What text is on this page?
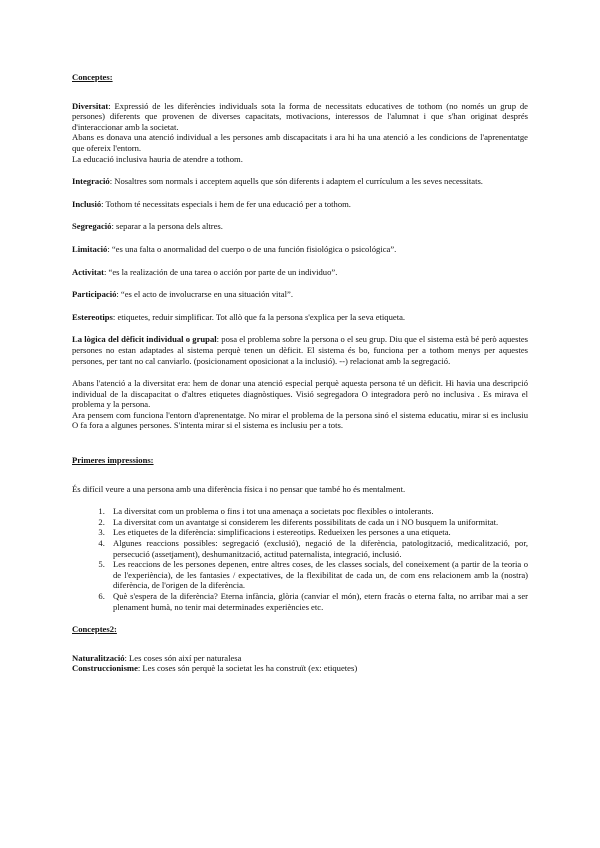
Conceptes:
Diversitat: Expressió de les diferències individuals sota la forma de necessitats educatives de tothom (no només un grup de persones) diferents que provenen de diverses capacitats, motivacions, interessos de l'alumnat i que s'han originat després d'interaccionar amb la societat.
Abans es donava una atenció individual a les persones amb discapacitats i ara hi ha una atenció a les condicions de l'aprenentatge que ofereix l'entorn.
La educació inclusiva hauria de atendre a tothom.
Integració: Nosaltres som normals i acceptem aquells que són diferents i adaptem el currículum a les seves necessitats.
Inclusió: Tothom té necessitats especials i hem de fer una educació per a tothom.
Segregació: separar a la persona dels altres.
Limitació: “es una falta o anormalidad del cuerpo o de una función fisiológica o psicológica”.
Activitat: “es la realización de una tarea o acción por parte de un individuo”.
Participació: “es el acto de involucrarse en una situación vital”.
Estereotips: etiquetes, reduir simplificar. Tot allò que fa la persona s'explica per la seva etiqueta.
La lògica del dèficit individual o grupal: posa el problema sobre la persona o el seu grup. Diu que el sistema està bé però aquestes persones no estan adaptades al sistema perquè tenen un dèficit. El sistema és bo, funciona per a tothom menys per aquestes persones, per tant no cal canviarlo. (posicionament oposicionat a la inclusió). --) relacionat amb la segregació.
Abans l'atenció a la diversitat era: hem de donar una atenció especial perquè aquesta persona té un dèficit. Hi havia una descripció individual de la discapacitat o d'altres etiquetes diagnòstiques. Visió segregadora O integradora però no inclusiva . Es mirava el problema y la persona.
Ara pensem com funciona l'entorn d'aprenentatge. No mirar el problema de la persona sinó el sistema educatiu, mirar si es inclusiu O fa fora a algunes persones. S'intenta mirar si el sistema es inclusiu per a tots.
Primeres impressions:
És difícil veure a una persona amb una diferència física i no pensar que també ho és mentalment.
1. La diversitat com un problema o fins i tot una amenaça a societats poc flexibles o intolerants.
2. La diversitat com un avantatge si considerem les diferents possibilitats de cada un i NO busquem la uniformitat.
3. Les etiquetes de la diferència: simplificacions i estereotips. Redueixen les persones a una etiqueta.
4. Algunes reaccions possibles: segregació (exclusió), negació de la diferència, patologització, medicalització, por, persecució (assetjament), deshumanització, actitud paternalista, integració, inclusió.
5. Les reaccions de les persones depenen, entre altres coses, de les classes socials, del coneixement (a partir de la teoria o de l'experiència), de les fantasies / expectatives, de la flexibilitat de cada un, de com ens relacionem amb la (nostra) diferència, de l'origen de la diferència.
6. Què s'espera de la diferència? Eterna infància, glòria (canviar el món), etern fracàs o eterna falta, no arribar mai a ser plenament humà, no tenir mai determinades experiències etc.
Conceptes2:
Naturalització: Les coses són així per naturalesa
Construccionisme: Les coses són perquè la societat les ha construït (ex: etiquetes)
